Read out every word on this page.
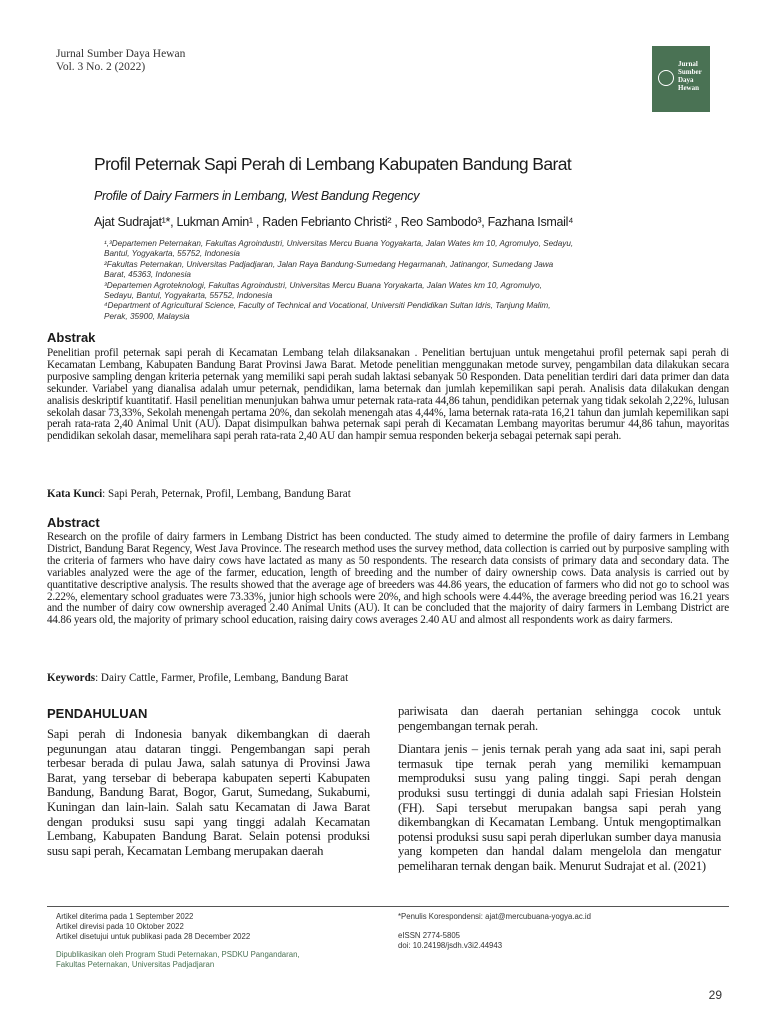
Jurnal Sumber Daya Hewan
Vol. 3 No. 2 (2022)	Jurnal
Sumber
Daya
Hewan
Profil Peternak Sapi Perah di Lembang Kabupaten Bandung Barat
Profile of Dairy Farmers in Lembang, West Bandung Regency
Ajat Sudrajat¹*, Lukman Amin¹ , Raden Febrianto Christi² , Reo Sambodo³, Fazhana Ismail⁴
¹,³Departemen Peternakan, Fakultas Agroindustri, Universitas Mercu Buana Yogyakarta, Jalan Wates km 10, Agromulyo, Sedayu,
Bantul, Yogyakarta, 55752, Indonesia
²Fakultas Peternakan, Universitas Padjadjaran, Jalan Raya Bandung-Sumedang Hegarmanah, Jatinangor, Sumedang Jawa
Barat, 45363, Indonesia
³Departemen Agroteknologi, Fakultas Agroindustri, Universitas Mercu Buana Yoryakarta, Jalan Wates km 10, Agromulyo,
Sedayu, Bantul, Yogyakarta, 55752, Indonesia
⁴Department of Agricultural Science, Faculty of Technical and Vocational, Universiti Pendidikan Sultan Idris, Tanjung Malim,
Perak, 35900, Malaysia
Abstrak
Penelitian profil peternak sapi perah di Kecamatan Lembang telah dilaksanakan . Penelitian bertujuan untuk mengetahui profil peternak sapi perah di Kecamatan Lembang, Kabupaten Bandung Barat Provinsi Jawa Barat. Metode penelitian menggunakan metode survey, pengambilan data dilakukan secara purposive sampling dengan kriteria peternak yang memiliki sapi perah sudah laktasi sebanyak 50 Responden. Data penelitian terdiri dari data primer dan data sekunder. Variabel yang dianalisa adalah umur peternak, pendidikan, lama beternak dan jumlah kepemilikan sapi perah. Analisis data dilakukan dengan analisis deskriptif kuantitatif. Hasil penelitian menunjukan bahwa umur peternak rata-rata 44,86 tahun, pendidikan peternak yang tidak sekolah 2,22%, lulusan sekolah dasar 73,33%, Sekolah menengah pertama 20%, dan sekolah menengah atas 4,44%, lama beternak rata-rata 16,21 tahun dan jumlah kepemilikan sapi perah rata-rata 2,40 Animal Unit (AU). Dapat disimpulkan bahwa peternak sapi perah di Kecamatan Lembang mayoritas berumur 44,86 tahun, mayoritas pendidikan sekolah dasar, memelihara sapi perah rata-rata 2,40 AU dan hampir semua responden bekerja sebagai peternak sapi perah.
Kata Kunci: Sapi Perah, Peternak, Profil, Lembang, Bandung Barat
Abstract
Research on the profile of dairy farmers in Lembang District has been conducted. The study aimed to determine the profile of dairy farmers in Lembang District, Bandung Barat Regency, West Java Province. The research method uses the survey method, data collection is carried out by purposive sampling with the criteria of farmers who have dairy cows have lactated as many as 50 respondents. The research data consists of primary data and secondary data. The variables analyzed were the age of the farmer, education, length of breeding and the number of dairy ownership cows. Data analysis is carried out by quantitative descriptive analysis. The results showed that the average age of breeders was 44.86 years, the education of farmers who did not go to school was 2.22%, elementary school graduates were 73.33%, junior high schools were 20%, and high schools were 4.44%, the average breeding period was 16.21 years and the number of dairy cow ownership averaged 2.40 Animal Units (AU). It can be concluded that the majority of dairy farmers in Lembang District are 44.86 years old, the majority of primary school education, raising dairy cows averages 2.40 AU and almost all respondents work as dairy farmers.
Keywords: Dairy Cattle, Farmer, Profile, Lembang, Bandung Barat
PENDAHULUAN

Sapi perah di Indonesia banyak dikembangkan di daerah pegunungan atau dataran tinggi. Pengembangan sapi perah terbesar berada di pulau Jawa, salah satunya di Provinsi Jawa Barat, yang tersebar di beberapa kabupaten seperti Kabupaten Bandung, Bandung Barat, Bogor, Garut, Sumedang, Sukabumi, Kuningan dan lain-lain. Salah satu Kecamatan di Jawa Barat dengan produksi susu sapi yang tinggi adalah Kecamatan Lembang, Kabupaten Bandung Barat. Selain potensi produksi susu sapi perah, Kecamatan Lembang merupakan daerah

pariwisata dan daerah pertanian sehingga cocok untuk pengembangan ternak perah.

Diantara jenis – jenis ternak perah yang ada saat ini, sapi perah termasuk tipe ternak perah yang memiliki kemampuan memproduksi susu yang paling tinggi. Sapi perah dengan produksi susu tertinggi di dunia adalah sapi Friesian Holstein (FH). Sapi tersebut merupakan bangsa sapi perah yang dikembangkan di Kecamatan Lembang. Untuk mengoptimalkan potensi produksi susu sapi perah diperlukan sumber daya manusia yang kompeten dan handal dalam mengelola dan mengatur pemeliharan ternak dengan baik. Menurut Sudrajat et al. (2021)

Artikel diterima pada 1 September 2022
Artikel direvisi pada 10 Oktober 2022
Artikel disetujui untuk publikasi pada 28 December 2022
Dipublikasikan oleh Program Studi Peternakan, PSDKU Pangandaran,
Fakultas Peternakan, Universitas Padjadjaran
*Penulis Korespondensi: ajat@mercubuana-yogya.ac.id
eISSN 2774-5805
doi: 10.24198/jsdh.v3i2.44943
29
